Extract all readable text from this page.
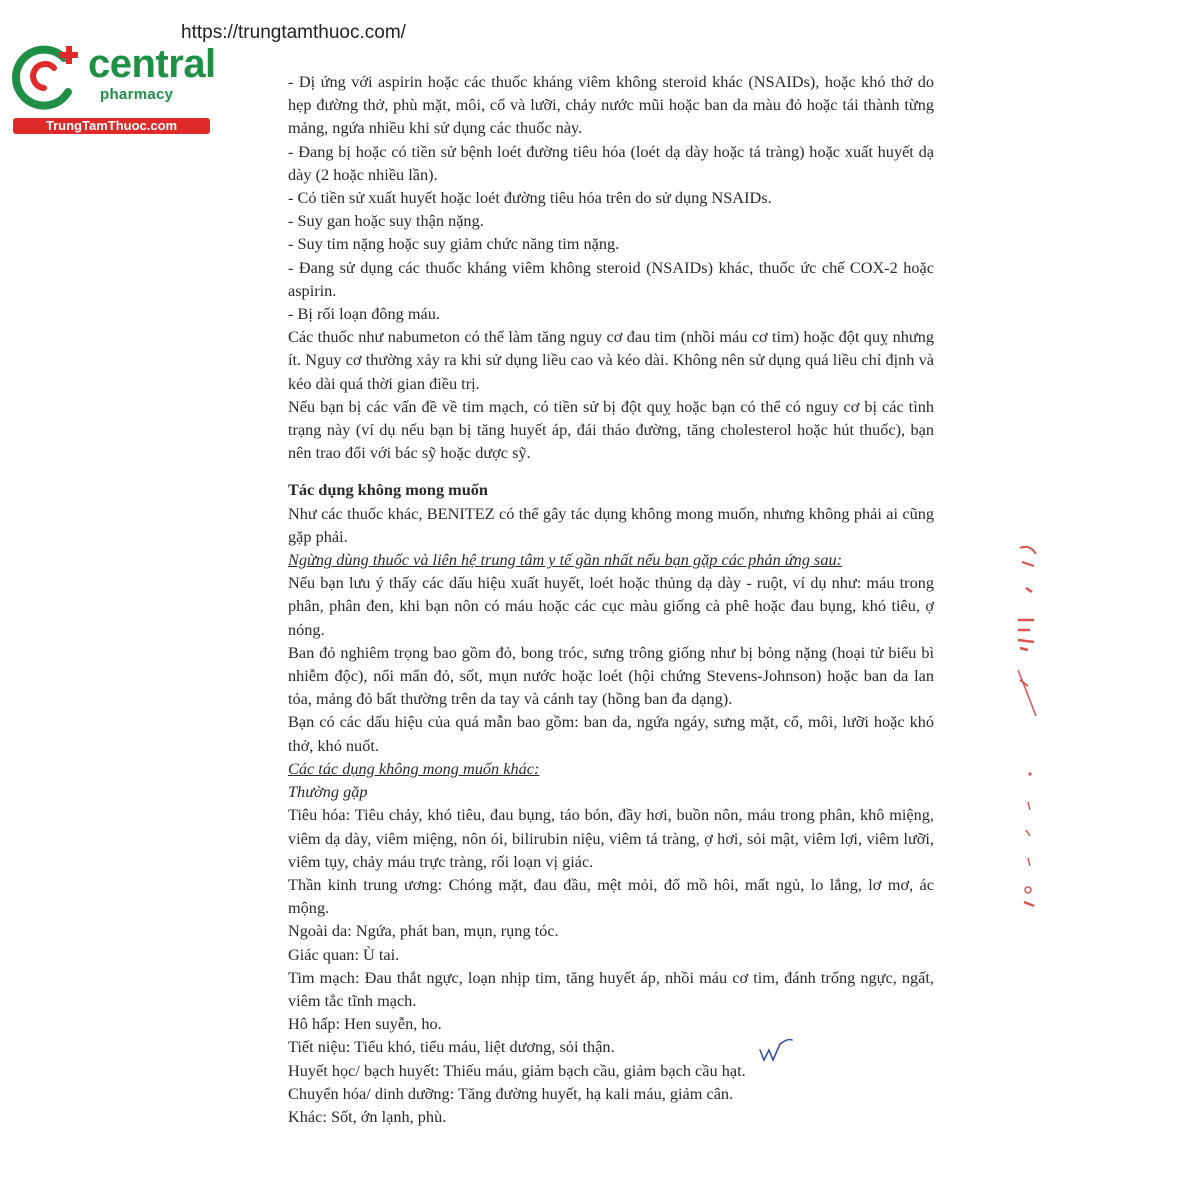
https://trungtamthuoc.com/
central
pharmacy
TrungTamThuoc.com

- Dị ứng với aspirin hoặc các thuốc kháng viêm không steroid khác (NSAIDs), hoặc khó thở do hẹp đường thở, phù mặt, môi, cổ và lưỡi, chảy nước mũi hoặc ban da màu đỏ hoặc tái thành từng mảng, ngứa nhiều khi sử dụng các thuốc này.

- Đang bị hoặc có tiền sử bệnh loét đường tiêu hóa (loét dạ dày hoặc tá tràng) hoặc xuất huyết dạ dày (2 hoặc nhiều lần).

- Có tiền sử xuất huyết hoặc loét đường tiêu hóa trên do sử dụng NSAIDs.

- Suy gan hoặc suy thận nặng.

- Suy tim nặng hoặc suy giảm chức năng tim nặng.

- Đang sử dụng các thuốc kháng viêm không steroid (NSAIDs) khác, thuốc ức chế COX-2 hoặc aspirin.

- Bị rối loạn đông máu.

Các thuốc như nabumeton có thể làm tăng nguy cơ đau tim (nhồi máu cơ tim) hoặc đột quỵ nhưng ít. Nguy cơ thường xảy ra khi sử dụng liều cao và kéo dài. Không nên sử dụng quá liều chỉ định và kéo dài quá thời gian điều trị.

Nếu bạn bị các vấn đề về tim mạch, có tiền sử bị đột quỵ hoặc bạn có thể có nguy cơ bị các tình trạng này (ví dụ nếu bạn bị tăng huyết áp, đái tháo đường, tăng cholesterol hoặc hút thuốc), bạn nên trao đổi với bác sỹ hoặc dược sỹ.

Tác dụng không mong muốn

Như các thuốc khác, BENITEZ có thể gây tác dụng không mong muốn, nhưng không phải ai cũng gặp phải.

Ngừng dùng thuốc và liên hệ trung tâm y tế gần nhất nếu bạn gặp các phản ứng sau:

Nếu bạn lưu ý thấy các dấu hiệu xuất huyết, loét hoặc thủng dạ dày - ruột, ví dụ như: máu trong phân, phân đen, khi bạn nôn có máu hoặc các cục màu giống cà phê hoặc đau bụng, khó tiêu, ợ nóng.

Ban đỏ nghiêm trọng bao gồm đỏ, bong tróc, sưng trông giống như bị bỏng nặng (hoại tử biểu bì nhiễm độc), nổi mẩn đỏ, sốt, mụn nước hoặc loét (hội chứng Stevens-Johnson) hoặc ban da lan tỏa, mảng đỏ bất thường trên da tay và cánh tay (hồng ban đa dạng).

Bạn có các dấu hiệu của quá mẫn bao gồm: ban da, ngứa ngáy, sưng mặt, cổ, môi, lưỡi hoặc khó thở, khó nuốt.

Các tác dụng không mong muốn khác:

Thường gặp

Tiêu hóa: Tiêu chảy, khó tiêu, đau bụng, táo bón, đầy hơi, buồn nôn, máu trong phân, khô miệng, viêm dạ dày, viêm miệng, nôn ói, bilirubin niệu, viêm tá tràng, ợ hơi, sỏi mật, viêm lợi, viêm lưỡi, viêm tụy, chảy máu trực tràng, rối loạn vị giác.

Thần kinh trung ương: Chóng mặt, đau đầu, mệt mỏi, đổ mồ hôi, mất ngủ, lo lắng, lơ mơ, ác mộng.

Ngoài da: Ngứa, phát ban, mụn, rụng tóc.

Giác quan: Ù tai.

Tim mạch: Đau thắt ngực, loạn nhịp tim, tăng huyết áp, nhồi máu cơ tim, đánh trống ngực, ngất, viêm tắc tĩnh mạch.

Hô hấp: Hen suyễn, ho.

Tiết niệu: Tiểu khó, tiểu máu, liệt dương, sỏi thận.

Huyết học/ bạch huyết: Thiếu máu, giảm bạch cầu, giảm bạch cầu hạt.

Chuyển hóa/ dinh dưỡng: Tăng đường huyết, hạ kali máu, giảm cân.

Khác: Sốt, ớn lạnh, phù.
